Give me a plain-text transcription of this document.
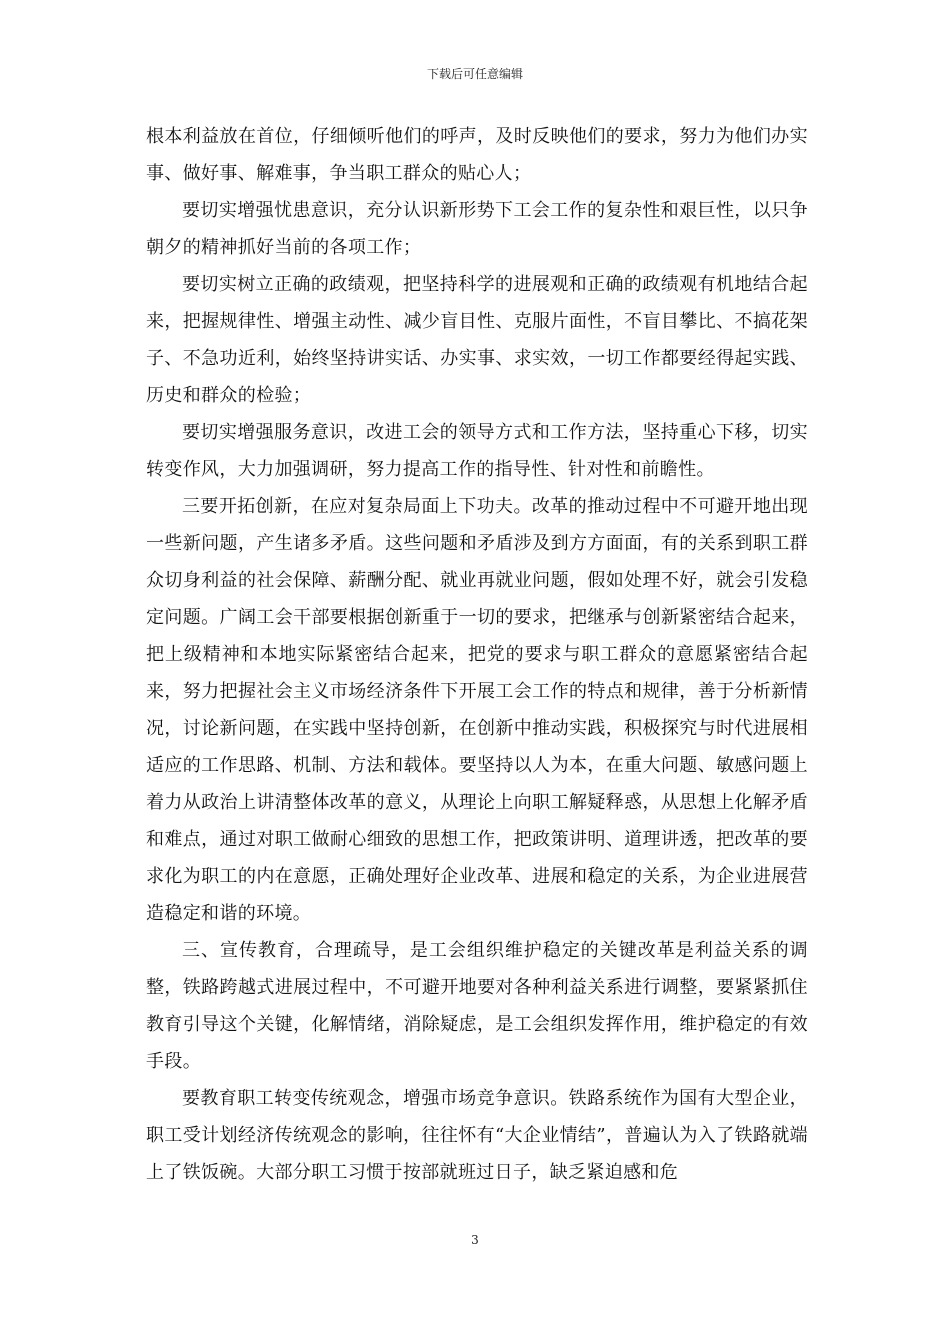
下载后可任意编辑

根本利益放在首位，仔细倾听他们的呼声，及时反映他们的要求，努力为他们办实事、做好事、解难事，争当职工群众的贴心人；

要切实增强忧患意识，充分认识新形势下工会工作的复杂性和艰巨性，以只争朝夕的精神抓好当前的各项工作；

要切实树立正确的政绩观，把坚持科学的进展观和正确的政绩观有机地结合起来，把握规律性、增强主动性、减少盲目性、克服片面性，不盲目攀比、不搞花架子、不急功近利，始终坚持讲实话、办实事、求实效，一切工作都要经得起实践、历史和群众的检验；

要切实增强服务意识，改进工会的领导方式和工作方法，坚持重心下移，切实转变作风，大力加强调研，努力提高工作的指导性、针对性和前瞻性。

三要开拓创新，在应对复杂局面上下功夫。改革的推动过程中不可避开地出现一些新问题，产生诸多矛盾。这些问题和矛盾涉及到方方面面，有的关系到职工群众切身利益的社会保障、薪酬分配、就业再就业问题，假如处理不好，就会引发稳定问题。广阔工会干部要根据创新重于一切的要求，把继承与创新紧密结合起来，把上级精神和本地实际紧密结合起来，把党的要求与职工群众的意愿紧密结合起来，努力把握社会主义市场经济条件下开展工会工作的特点和规律，善于分析新情况，讨论新问题，在实践中坚持创新，在创新中推动实践，积极探究与时代进展相适应的工作思路、机制、方法和载体。要坚持以人为本，在重大问题、敏感问题上着力从政治上讲清整体改革的意义，从理论上向职工解疑释惑，从思想上化解矛盾和难点，通过对职工做耐心细致的思想工作，把政策讲明、道理讲透，把改革的要求化为职工的内在意愿，正确处理好企业改革、进展和稳定的关系，为企业进展营造稳定和谐的环境。

三、宣传教育，合理疏导，是工会组织维护稳定的关键改革是利益关系的调整，铁路跨越式进展过程中，不可避开地要对各种利益关系进行调整，要紧紧抓住教育引导这个关键，化解情绪，消除疑虑，是工会组织发挥作用，维护稳定的有效手段。

要教育职工转变传统观念，增强市场竞争意识。铁路系统作为国有大型企业，职工受计划经济传统观念的影响，往往怀有“大企业情结”，普遍认为入了铁路就端上了铁饭碗。大部分职工习惯于按部就班过日子，缺乏紧迫感和危

3
